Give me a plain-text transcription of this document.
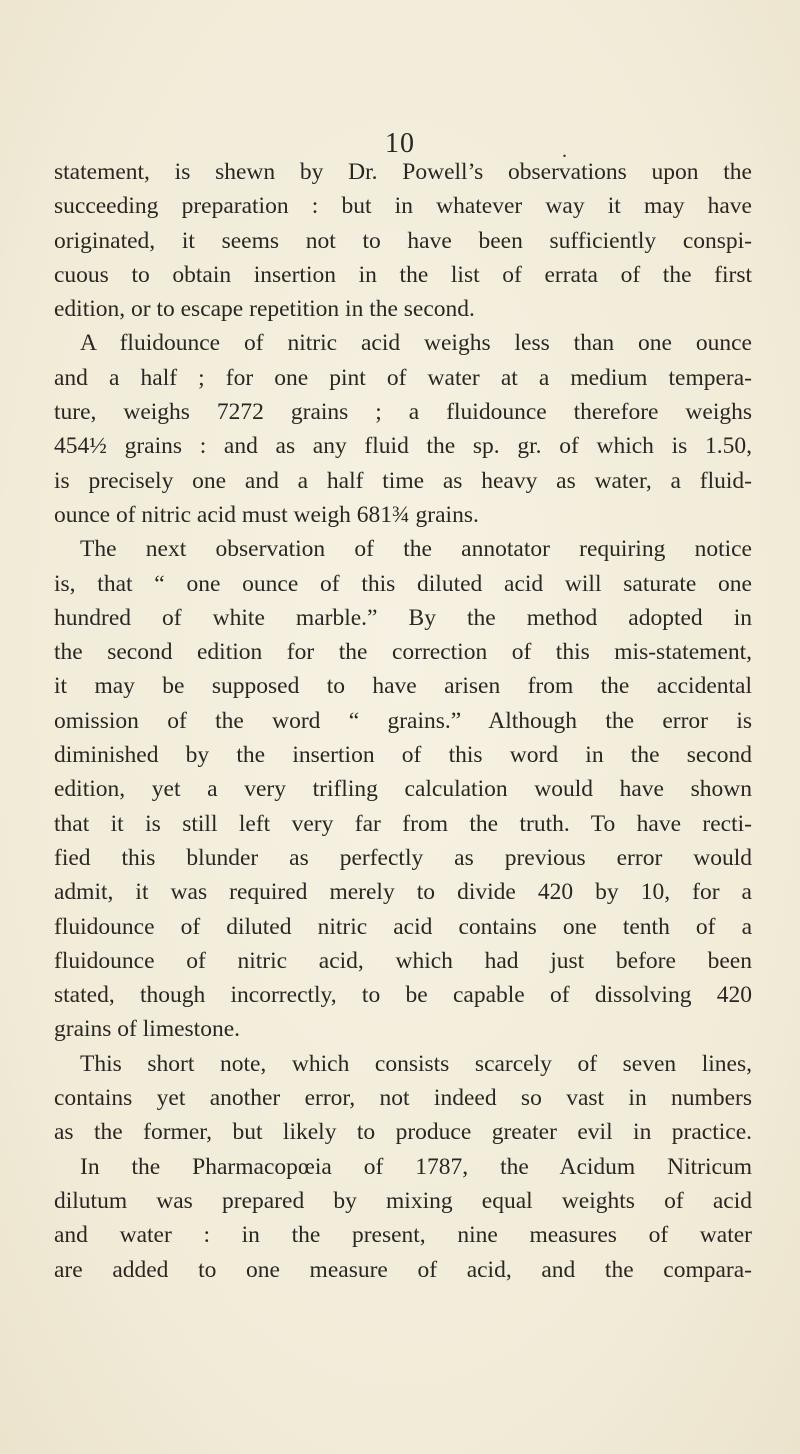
10	.
statement, is shewn by Dr. Powell’s observations upon the
succeeding preparation : but in whatever way it may have
originated, it seems not to have been sufficiently conspi-
cuous to obtain insertion in the list of errata of the first
edition, or to escape repetition in the second.
A fluidounce of nitric acid weighs less than one ounce
and a half ; for one pint of water at a medium tempera-
ture, weighs 7272 grains ; a fluidounce therefore weighs
454½ grains : and as any fluid the sp. gr. of which is 1.50,
is precisely one and a half time as heavy as water, a fluid-
ounce of nitric acid must weigh 681¾ grains.
The next observation of the annotator requiring notice
is, that “ one ounce of this diluted acid will saturate one
hundred of white marble.” By the method adopted in
the second edition for the correction of this mis-statement,
it may be supposed to have arisen from the accidental
omission of the word “ grains.” Although the error is
diminished by the insertion of this word in the second
edition, yet a very trifling calculation would have shown
that it is still left very far from the truth. To have recti-
fied this blunder as perfectly as previous error would
admit, it was required merely to divide 420 by 10, for a
fluidounce of diluted nitric acid contains one tenth of a
fluidounce of nitric acid, which had just before been
stated, though incorrectly, to be capable of dissolving 420
grains of limestone.
This short note, which consists scarcely of seven lines,
contains yet another error, not indeed so vast in numbers
as the former, but likely to produce greater evil in practice.
In the Pharmacopœia of 1787, the Acidum Nitricum
dilutum was prepared by mixing equal weights of acid
and water : in the present, nine measures of water
are added to one measure of acid, and the compara-
